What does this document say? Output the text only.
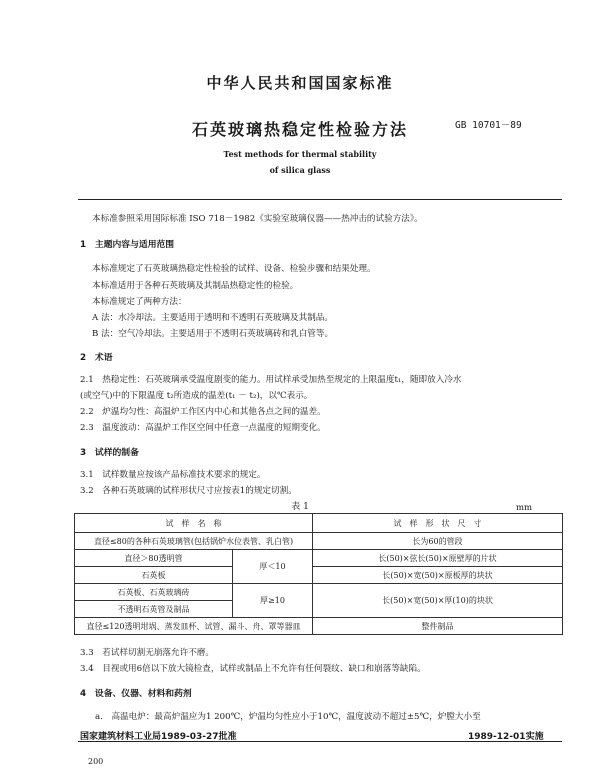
中华人民共和国国家标准
石英玻璃热稳定性检验方法	GB 10701－89
Test methods for thermal stability
of silica glass
本标准参照采用国际标准 ISO 718－1982《实验室玻璃仪器——热冲击的试验方法》。
1　主题内容与适用范围
本标准规定了石英玻璃热稳定性检验的试样、设备、检验步骤和结果处理。
本标准适用于各种石英玻璃及其制品热稳定性的检验。
本标准规定了两种方法：
A 法：水冷却法。主要适用于透明和不透明石英玻璃及其制品。
B 法：空气冷却法。主要适用于不透明石英玻璃砖和乳白管等。
2　术语
2.1　热稳定性：石英玻璃承受温度剧变的能力。用试样承受加热至规定的上限温度t₁，随即放入冷水
(或空气)中的下限温度 t₂所造成的温差(t₁ － t₂)，以℃表示。
2.2　炉温均匀性：高温炉工作区内中心和其他各点之间的温差。
2.3　温度波动：高温炉工作区空间中任意一点温度的短期变化。
3　试样的制备
3.1　试样数量应按该产品标准技术要求的规定。
3.2　各种石英玻璃的试样形状尺寸应按表1的规定切割。
表 1	mm
试　样　名　称		试　样　形　状　尺　寸
直径≤80的各种石英玻璃管(包括锅炉水位表管、乳白管)		长为60的管段
直径＞80透明管	厚＜10	长(50)×弦长(50)×原壁厚的片状
石英板		长(50)×宽(50)×原板厚的块状
石英板、石英玻璃砖	厚≥10	长(50)×宽(50)×厚(10)的块状
不透明石英管及制品		
直径≤120透明坩埚、蒸发皿杯、试管、漏斗、舟、罩等器皿		整件制品
3.3　若试样切割无崩落允许不磨。
3.4　目视或用6倍以下放大镜检查，试样或制品上不允许有任何裂纹、缺口和崩落等缺陷。
4　设备、仪器、材料和药剂
a.　高温电炉：最高炉温应为1 200℃，炉温均匀性应小于10℃，温度波动不超过±5℃，炉膛大小至
国家建筑材料工业局1989-03-27批准	1989-12-01实施
200
